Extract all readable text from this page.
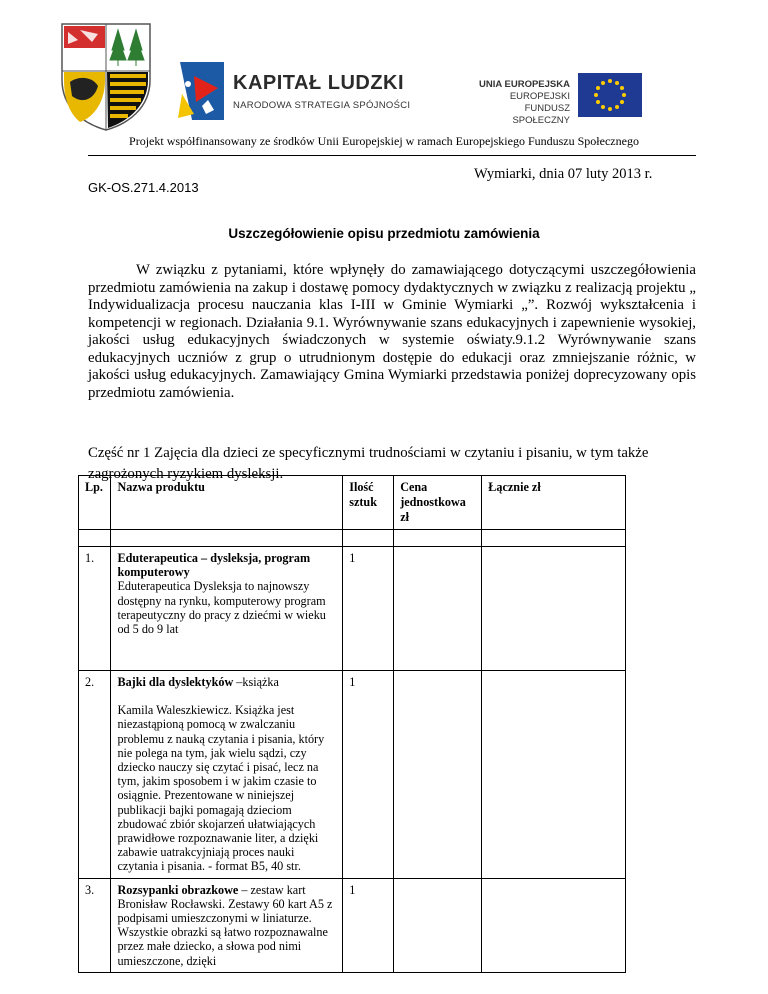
KAPITAŁ LUDZKI
NARODOWA STRATEGIA SPÓJNOŚCI
UNIA EUROPEJSKA
EUROPEJSKI
FUNDUSZ SPOŁECZNY
Projekt współfinansowany ze środków Unii Europejskiej w ramach Europejskiego Funduszu Społecznego
Wymiarki, dnia 07 luty 2013 r.
GK-OS.271.4.2013
Uszczegółowienie opisu przedmiotu zamówienia

W związku z pytaniami, które wpłynęły do zamawiającego dotyczącymi uszczegółowienia przedmiotu zamówienia na zakup i dostawę pomocy dydaktycznych w związku z realizacją projektu „ Indywidualizacja procesu nauczania klas I-III w Gminie Wymiarki „”. Rozwój wykształcenia i kompetencji w regionach. Działania 9.1. Wyrównywanie szans edukacyjnych i zapewnienie wysokiej, jakości usług edukacyjnych świadczonych w systemie oświaty.9.1.2 Wyrównywanie szans edukacyjnych uczniów z grup o utrudnionym dostępie do edukacji oraz zmniejszanie różnic, w jakości usług edukacyjnych. Zamawiający Gmina Wymiarki przedstawia poniżej doprecyzowany opis przedmiotu zamówienia.

Część nr 1 Zajęcia dla dzieci ze specyficznymi trudnościami w czytaniu i pisaniu, w tym także zagrożonych ryzykiem dysleksji.
Lp.	Nazwa produktu	Ilość sztuk	Cena jednostkowa zł	Łącznie zł

1.	Eduterapeutica – dysleksja, program komputerowy
Eduterapeutica Dysleksja to najnowszy dostępny na rynku, komputerowy program terapeutyczny do pracy z dziećmi w wieku od 5 do 9 lat	1		
2.	Bajki dla dyslektyków –książka
Kamila Waleszkiewicz. Książka jest niezastąpioną pomocą w zwalczaniu problemu z nauką czytania i pisania, który nie polega na tym, jak wielu sądzi, czy dziecko nauczy się czytać i pisać, lecz na tym, jakim sposobem i w jakim czasie to osiągnie. Prezentowane w niniejszej publikacji bajki pomagają dzieciom zbudować zbiór skojarzeń ułatwiających prawidłowe rozpoznawanie liter, a dzięki zabawie uatrakcyjniają proces nauki czytania i pisania. - format B5, 40 str.	1		
3.	Rozsypanki obrazkowe – zestaw kart Bronisław Rocławski. Zestawy 60 kart A5 z podpisami umieszczonymi w liniaturze. Wszystkie obrazki są łatwo rozpoznawalne przez małe dziecko, a słowa pod nimi umieszczone, dzięki	1		
